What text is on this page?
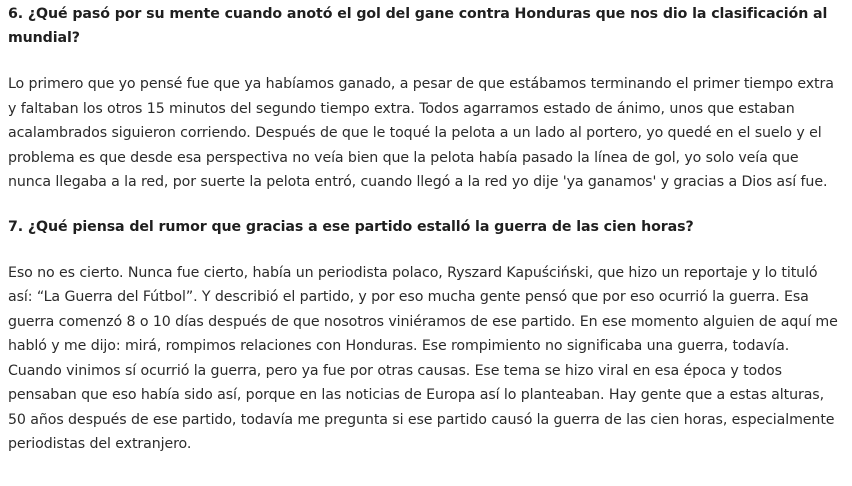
6. ¿Qué pasó por su mente cuando anotó el gol del gane contra Honduras que nos dio la clasificación al mundial?

Lo primero que yo pensé fue que ya habíamos ganado, a pesar de que estábamos terminando el primer tiempo extra y faltaban los otros 15 minutos del segundo tiempo extra. Todos agarramos estado de ánimo, unos que estaban acalambrados siguieron corriendo. Después de que le toqué la pelota a un lado al portero, yo quedé en el suelo y el problema es que desde esa perspectiva no veía bien que la pelota había pasado la línea de gol, yo solo veía que nunca llegaba a la red, por suerte la pelota entró, cuando llegó a la red yo dije 'ya ganamos' y gracias a Dios así fue.

7. ¿Qué piensa del rumor que gracias a ese partido estalló la guerra de las cien horas?

Eso no es cierto. Nunca fue cierto, había un periodista polaco, Ryszard Kapuściński, que hizo un reportaje y lo tituló así: “La Guerra del Fútbol”. Y describió el partido, y por eso mucha gente pensó que por eso ocurrió la guerra. Esa guerra comenzó 8 o 10 días después de que nosotros viniéramos de ese partido. En ese momento alguien de aquí me habló y me dijo: mirá, rompimos relaciones con Honduras. Ese rompimiento no significaba una guerra, todavía. Cuando vinimos sí ocurrió la guerra, pero ya fue por otras causas. Ese tema se hizo viral en esa época y todos pensaban que eso había sido así, porque en las noticias de Europa así lo planteaban. Hay gente que a estas alturas, 50 años después de ese partido, todavía me pregunta si ese partido causó la guerra de las cien horas, especialmente periodistas del extranjero.
